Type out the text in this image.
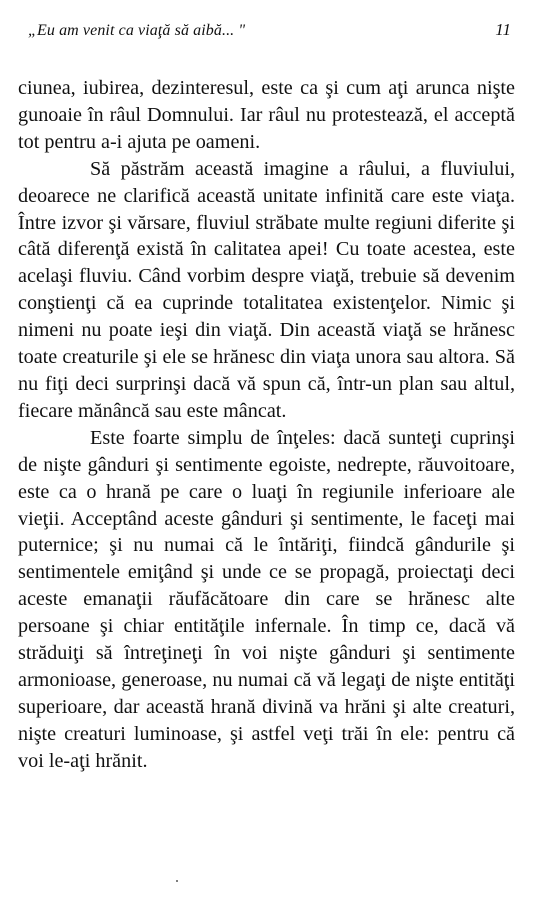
„Eu am venit ca viaţă să aibă... "	11

ciunea, iubirea, dezinteresul, este ca şi cum aţi arunca nişte gunoaie în râul Domnului. Iar râul nu protestează, el acceptă tot pentru a-i ajuta pe oameni.

Să păstrăm această imagine a râului, a fluviului, deoarece ne clarifică această unitate infinită care este viaţa. Între izvor şi vărsare, fluviul străbate multe regiuni diferite şi câtă diferenţă există în calitatea apei! Cu toate acestea, este acelaşi fluviu. Când vorbim despre viaţă, trebuie să devenim conştienţi că ea cuprinde totalitatea existenţelor. Nimic şi nimeni nu poate ieşi din viaţă. Din această viaţă se hrănesc toate creaturile şi ele se hrănesc din viaţa unora sau altora. Să nu fiţi deci surprinşi dacă vă spun că, într-un plan sau altul, fiecare mănâncă sau este mâncat.

Este foarte simplu de înţeles: dacă sunteţi cuprinşi de nişte gânduri şi sentimente egoiste, nedrepte, răuvoitoare, este ca o hrană pe care o luaţi în regiunile inferioare ale vieţii. Acceptând aceste gânduri şi sentimente, le faceţi mai puternice; şi nu numai că le întăriţi, fiindcă gândurile şi sentimentele emiţând şi unde ce se propagă, proiectaţi deci aceste emanaţii răufăcătoare din care se hrănesc alte persoane şi chiar entităţile infernale. În timp ce, dacă vă străduiţi să întreţineţi în voi nişte gânduri şi sentimente armonioase, generoase, nu numai că vă legaţi de nişte entităţi superioare, dar această hrană divină va hrăni şi alte creaturi, nişte creaturi luminoase, şi astfel veţi trăi în ele: pentru că voi le-aţi hrănit.
